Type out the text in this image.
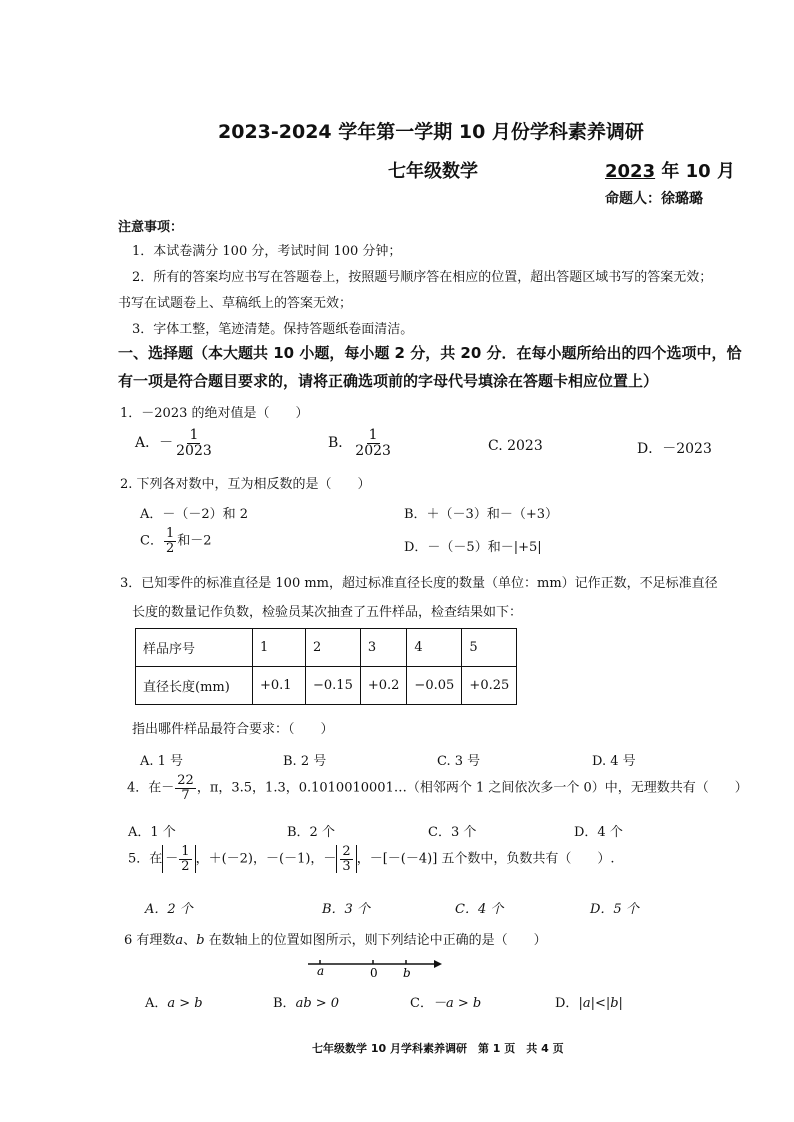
2023-2024 学年第一学期 10 月份学科素养调研
七年级数学	2023 年 10 月
命题人：徐璐璐
注意事项：
1．本试卷满分 100 分，考试时间 100 分钟；
2．所有的答案均应书写在答题卷上，按照题号顺序答在相应的位置，超出答题区域书写的答案无效；
书写在试题卷上、草稿纸上的答案无效；
3．字体工整，笔迹清楚。保持答题纸卷面清洁。
一、选择题（本大题共 10 小题，每小题 2 分，共 20 分．在每小题所给出的四个选项中，恰
有一项是符合题目要求的，请将正确选项前的字母代号填涂在答题卡相应位置上）
1．－2023 的绝对值是（　　）
A．－ $\frac{1}{2023}$	B． $\frac{1}{2023}$	C. 2023	D．－2023
2. 下列各对数中，互为相反数的是（　　）
A．－（－2）和 2	B．＋（－3）和－（+3）
C． $\frac{1}{2}$ 和－2	D．－（－5）和－|+5|
3．已知零件的标准直径是 100 mm，超过标准直径长度的数量（单位：mm）记作正数，不足标准直径
长度的数量记作负数，检验员某次抽查了五件样品，检查结果如下：
样品序号	1	2	3	4	5
直径长度(mm)	+0.1	−0.15	+0.2	−0.05	+0.25
指出哪件样品最符合要求：（　　）
A. 1 号	B. 2 号	C. 3 号	D. 4 号
4．在－ $\frac{22}{7}$ ，π，3.5，1.3，0.1010010001…（相邻两个 1 之间依次多一个 0）中，无理数共有（　　）
A．1 个	B．2 个	C．3 个	D．4 个
5．在 － $\frac{1}{2}$ ，＋(－2)，－(－1)，－ $\frac{2}{3}$ ，－[－(－4)] 五个数中，负数共有（　　）.
A．2 个	B．3 个	C．4 个	D．5 个
6 有理数a、b 在数轴上的位置如图所示，则下列结论中正确的是（　　）
a	0 b
A．a > b	B．ab > 0	C．－a > b	D．|a|<|b|
七年级数学 10 月学科素养调研　第 1 页　共 4 页
